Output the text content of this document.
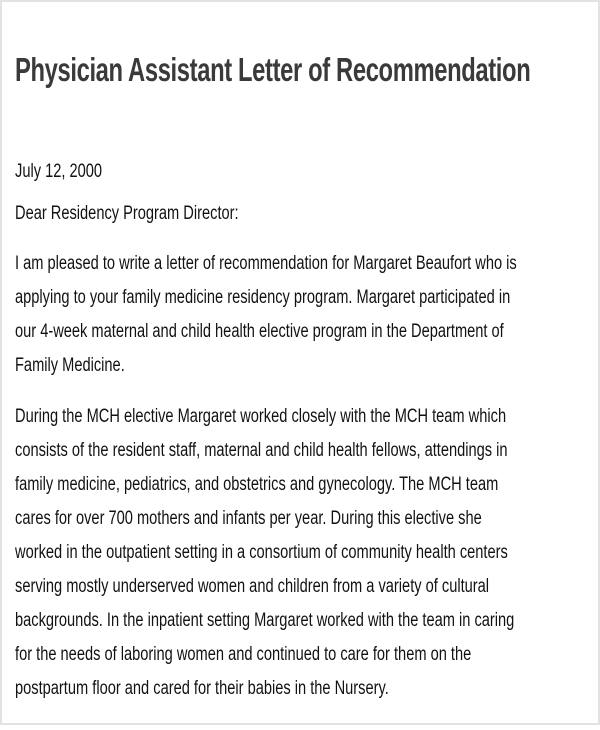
Physician Assistant Letter of Recommendation
July 12, 2000
Dear Residency Program Director:
I am pleased to write a letter of recommendation for Margaret Beaufort who is
applying to your family medicine residency program. Margaret participated in
our 4-week maternal and child health elective program in the Department of
Family Medicine.
During the MCH elective Margaret worked closely with the MCH team which
consists of the resident staff, maternal and child health fellows, attendings in
family medicine, pediatrics, and obstetrics and gynecology. The MCH team
cares for over 700 mothers and infants per year. During this elective she
worked in the outpatient setting in a consortium of community health centers
serving mostly underserved women and children from a variety of cultural
backgrounds. In the inpatient setting Margaret worked with the team in caring
for the needs of laboring women and continued to care for them on the
postpartum floor and cared for their babies in the Nursery.
